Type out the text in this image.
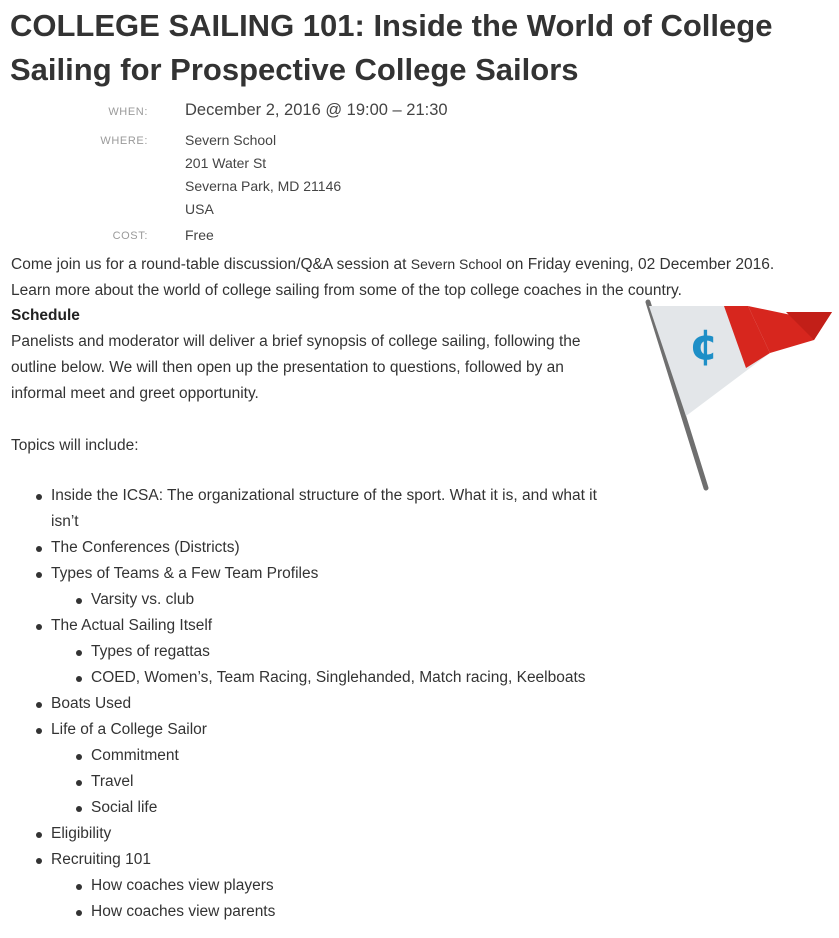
COLLEGE SAILING 101: Inside the World of College Sailing for Prospective College Sailors
WHEN: December 2, 2016 @ 19:00 – 21:30
WHERE:	Severn School
201 Water St
Severna Park, MD 21146
USA
COST:	Free
Come join us for a round-table discussion/Q&A session at Severn School on Friday evening, 02 December 2016.
Learn more about the world of college sailing from some of the top college coaches in the country.
Schedule
Panelists and moderator will deliver a brief synopsis of college sailing, following the
outline below. We will then open up the presentation to questions, followed by an
informal meet and greet opportunity.
Topics will include:
Inside the ICSA: The organizational structure of the sport. What it is, and what it
isn’t
The Conferences (Districts)
Types of Teams & a Few Team Profiles
Varsity vs. club
The Actual Sailing Itself
Types of regattas
COED, Women’s, Team Racing, Singlehanded, Match racing, Keelboats
Boats Used
Life of a College Sailor
Commitment
Travel
Social life
Eligibility
Recruiting 101
How coaches view players
How coaches view parents
¢
